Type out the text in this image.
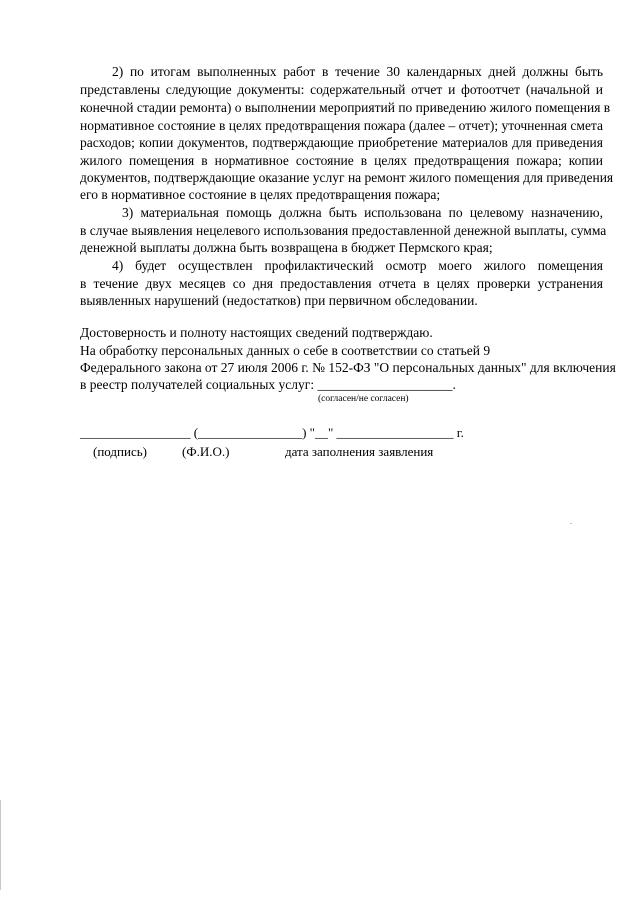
2) по итогам выполненных работ в течение 30 календарных дней должны быть
представлены следующие документы: содержательный отчет и фотоотчет (начальной и
конечной стадии ремонта) о выполнении мероприятий по приведению жилого помещения в
нормативное состояние в целях предотвращения пожара (далее – отчет); уточненная смета
расходов; копии документов, подтверждающие приобретение материалов для приведения
жилого помещения в нормативное состояние в целях предотвращения пожара; копии
документов, подтверждающие оказание услуг на ремонт жилого помещения для приведения
его в нормативное состояние в целях предотвращения пожара;
3) материальная помощь должна быть использована по целевому назначению,
в случае выявления нецелевого использования предоставленной денежной выплаты, сумма
денежной выплаты должна быть возвращена в бюджет Пермского края;
4) будет осуществлен профилактический осмотр моего жилого помещения
в течение двух месяцев со дня предоставления отчета в целях проверки устранения
выявленных нарушений (недостатков) при первичном обследовании.
Достоверность и полноту настоящих сведений подтверждаю.
На обработку персональных данных о себе в соответствии со статьей 9
Федерального закона от 27 июля 2006 г. № 152-ФЗ "О персональных данных" для включения
в реестр получателей социальных услуг: ____________________.
(согласен/не согласен)
_________________ (________________) "__" __________________ г.
(подпись)	(Ф.И.О.)	дата заполнения заявления
